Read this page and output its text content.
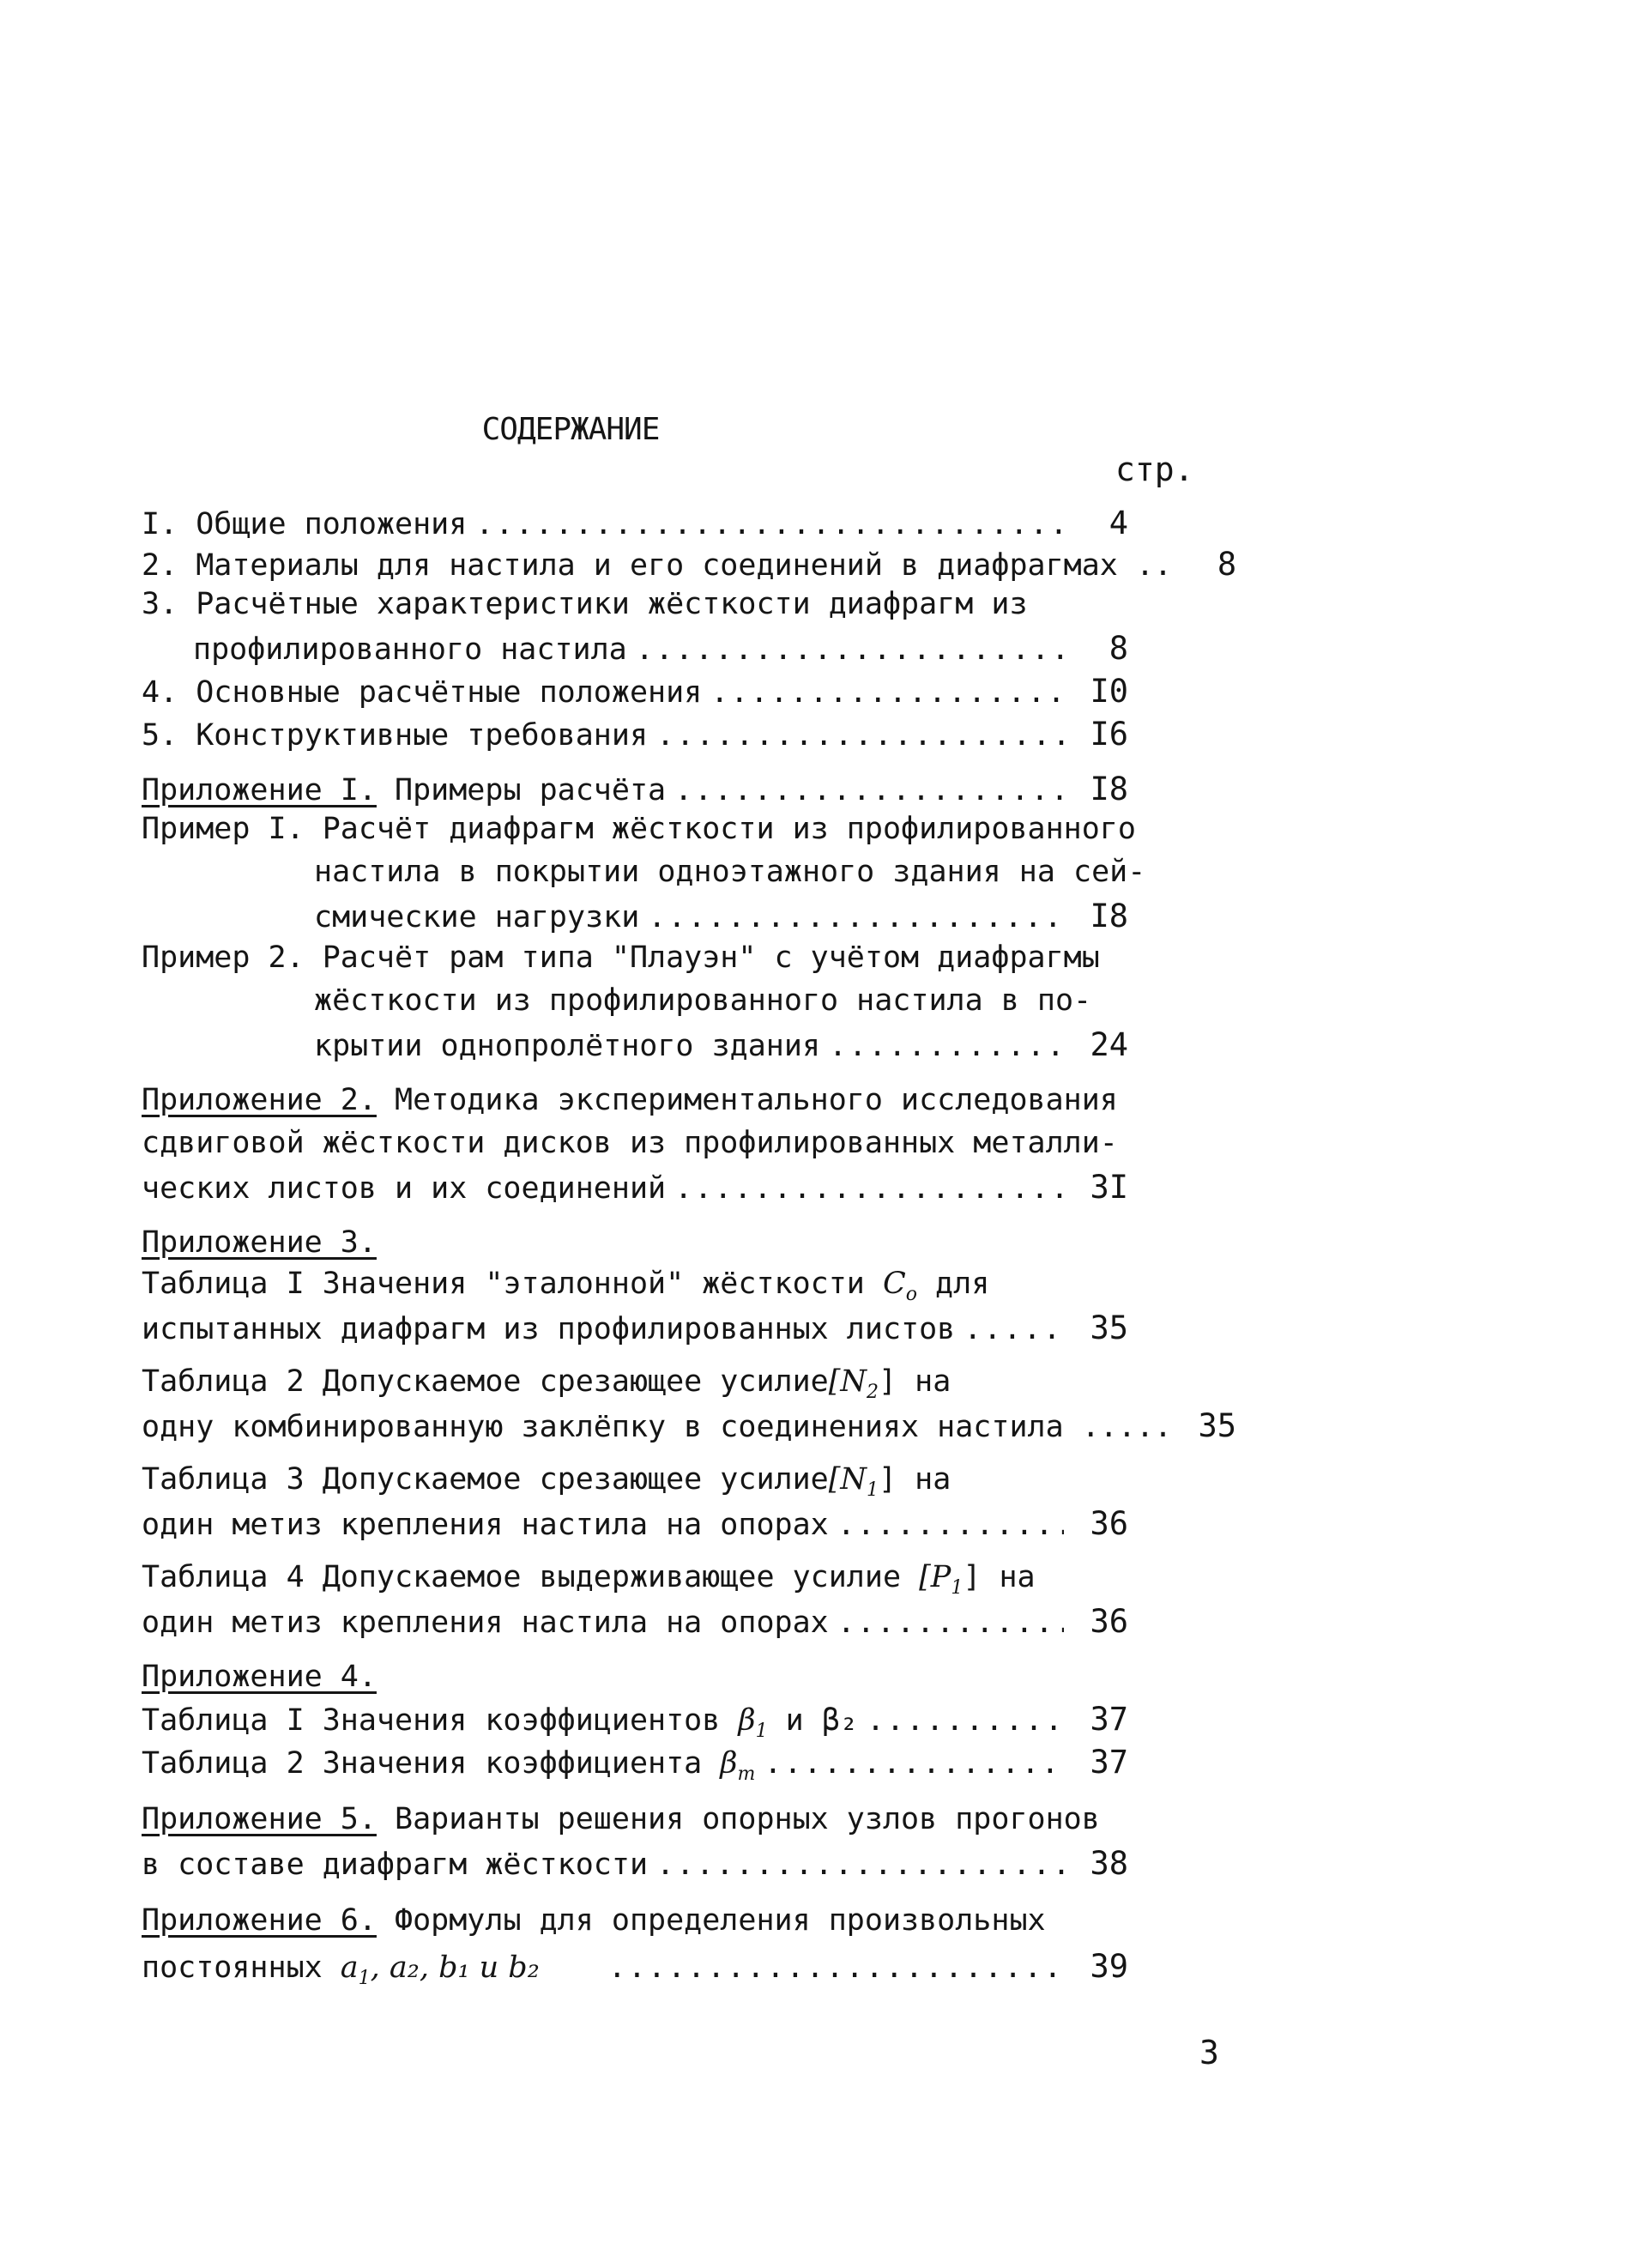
СОДЕРЖАНИЕ
стр.
I. Общие положения .....	4
2. Материалы для настила и его соединений в диафрагмах ..	8
3. Расчётные характеристики жёсткости диафрагм из
профилированного настила .....	8
4. Основные расчётные положения .....	I0
5. Конструктивные требования .....	I6
Приложение I. Примеры расчёта .....	I8
Пример I. Расчёт диафрагм жёсткости из профилированного
настила в покрытии одноэтажного здания на сей-
смические нагрузки .....	I8
Пример 2. Расчёт рам типа "Плауэн" с учётом диафрагмы
жёсткости из профилированного настила в по-
крытии однопролётного здания .....	24
Приложение 2. Методика экспериментального исследования
сдвиговой жёсткости дисков из профилированных металли-
ческих листов и их соединений .....	3I
Приложение 3.
Таблица I Значения "эталонной" жёсткости $C_o$ для
испытанных диафрагм из профилированных листов .....	35
Таблица 2 Допускаемое срезающее $усилие[N_2]$ на
одну комбинированную заклёпку в соединениях настила ..... 35
Таблица 3 Допускаемое срезающее $усилие[N_1]$ на
один метиз крепления настила на опорах .....	36
Таблица 4 Допускаемое выдерживающее усилие $[P_1]$ на
один метиз крепления настила на опорах .....	36
Приложение 4.
Таблица I Значения коэффициентов $\beta_1$ и β₂ .....	37
Таблица 2 Значения коэффициента $\beta_m$ .....	37
Приложение 5. Варианты решения опорных узлов прогонов
в составе диафрагм жёсткости .....	38
Приложение 6. Формулы для определения произвольных
постоянных $a_1$, a₂, b₁ и b₂ .....	39
3
